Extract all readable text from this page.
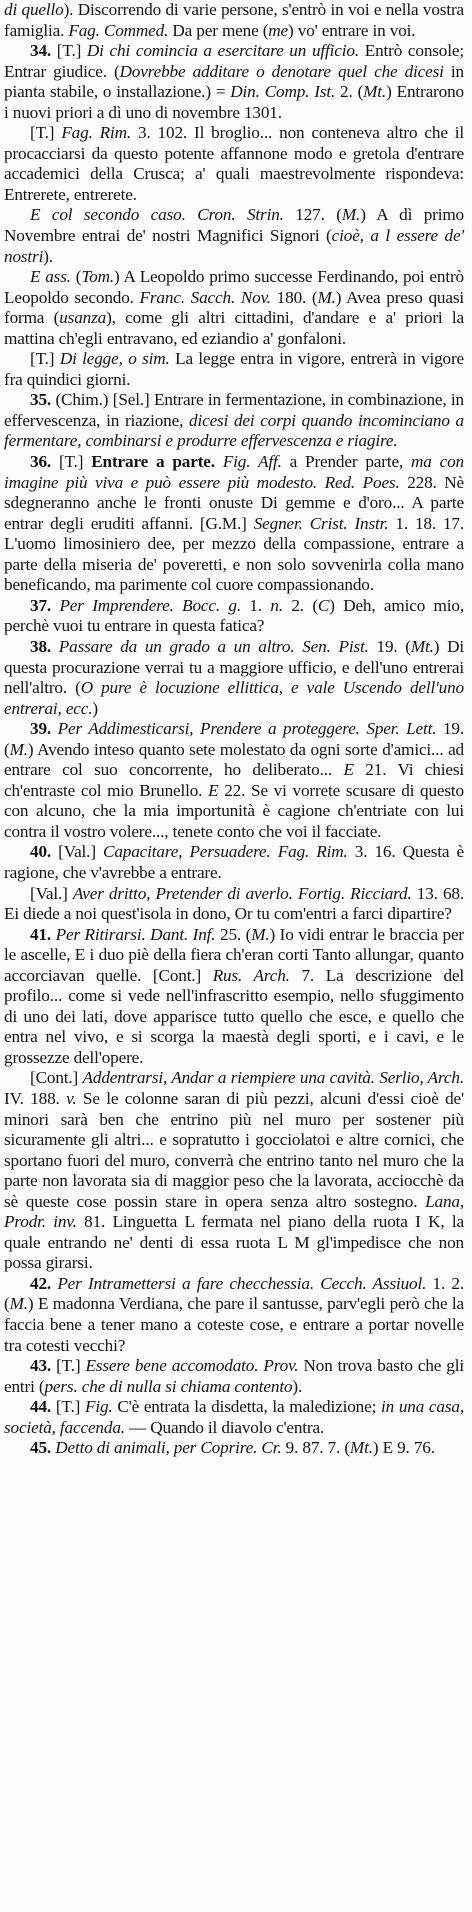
di quello). Discorrendo di varie persone, s'entrò in voi e nella vostra famiglia. Fag. Commed. Da per mene (me) vo' entrare in voi.

34. [T.] Di chi comincia a esercitare un ufficio. Entrò console; Entrar giudice. (Dovrebbe additare o denotare quel che dicesi in pianta stabile, o installazione.) = Din. Comp. Ist. 2. (Mt.) Entrarono i nuovi priori a dì uno di novembre 1301.

[T.] Fag. Rim. 3. 102. Il broglio... non conteneva altro che il procacciarsi da questo potente affannone modo e gretola d'entrare accademici della Crusca; a' quali maestrevolmente rispondeva: Entrerete, entrerete.

E col secondo caso. Cron. Strin. 127. (M.) A dì primo Novembre entrai de' nostri Magnifici Signori (cioè, a l essere de' nostri).

E ass. (Tom.) A Leopoldo primo successe Ferdinando, poi entrò Leopoldo secondo. Franc. Sacch. Nov. 180. (M.) Avea preso quasi forma (usanza), come gli altri cittadini, d'andare e a' priori la mattina ch'egli entravano, ed eziandio a' gonfaloni.

[T.] Di legge, o sim. La legge entra in vigore, entrerà in vigore fra quindici giorni.

35. (Chim.) [Sel.] Entrare in fermentazione, in combinazione, in effervescenza, in riazione, dicesi dei corpi quando incominciano a fermentare, combinarsi e produrre effervescenza e riagire.

36. [T.] Entrare a parte. Fig. Aff. a Prender parte, ma con imagine più viva e può essere più modesto. Red. Poes. 228. Nè sdegneranno anche le fronti onuste Di gemme e d'oro... A parte entrar degli eruditi affanni. [G.M.] Segner. Crist. Instr. 1. 18. 17. L'uomo limosiniero dee, per mezzo della compassione, entrare a parte della miseria de' poveretti, e non solo sovvenirla colla mano beneficando, ma parimente col cuore compassionando.

37. Per Imprendere. Bocc. g. 1. n. 2. (C) Deh, amico mio, perchè vuoi tu entrare in questa fatica?

38. Passare da un grado a un altro. Sen. Pist. 19. (Mt.) Di questa procurazione verrai tu a maggiore ufficio, e dell'uno entrerai nell'altro. (O pure è locuzione ellittica, e vale Uscendo dell'uno entrerai, ecc.)

39. Per Addimesticarsi, Prendere a proteggere. Sper. Lett. 19. (M.) Avendo inteso quanto sete molestato da ogni sorte d'amici... ad entrare col suo concorrente, ho deliberato... E 21. Vi chiesi ch'entraste col mio Brunello. E 22. Se vi vorrete scusare di questo con alcuno, che la mia importunità è cagione ch'entriate con lui contra il vostro volere..., tenete conto che voi il facciate.

40. [Val.] Capacitare, Persuadere. Fag. Rim. 3. 16. Questa è ragione, che v'avrebbe a entrare.

[Val.] Aver dritto, Pretender di averlo. Fortig. Ricciard. 13. 68. Ei diede a noi quest'isola in dono, Or tu com'entri a farci dipartire?

41. Per Ritirarsi. Dant. Inf. 25. (M.) Io vidi entrar le braccia per le ascelle, E i duo piè della fiera ch'eran corti Tanto allungar, quanto accorciavan quelle. [Cont.] Rus. Arch. 7. La descrizione del profilo... come si vede nell'infrascritto esempio, nello sfuggimento di uno dei lati, dove apparisce tutto quello che esce, e quello che entra nel vivo, e si scorga la maestà degli sporti, e i cavi, e le grossezze dell'opere.

[Cont.] Addentrarsi, Andar a riempiere una cavità. Serlio, Arch. IV. 188. v. Se le colonne saran di più pezzi, alcuni d'essi cioè de' minori sarà ben che entrino più nel muro per sostener più sicuramente gli altri... e sopratutto i gocciolatoi e altre cornici, che sportano fuori del muro, converrà che entrino tanto nel muro che la parte non lavorata sia di maggior peso che la lavorata, acciocchè da sè queste cose possin stare in opera senza altro sostegno. Lana, Prodr. inv. 81. Linguetta L fermata nel piano della ruota I K, la quale entrando ne' denti di essa ruota L M gl'impedisce che non possa girarsi.

42. Per Intramettersi a fare checchessia. Cecch. Assiuol. 1. 2. (M.) E madonna Verdiana, che pare il santusse, parv'egli però che la faccia bene a tener mano a coteste cose, e entrare a portar novelle tra cotesti vecchi?

43. [T.] Essere bene accomodato. Prov. Non trova basto che gli entri (pers. che di nulla si chiama contento).

44. [T.] Fig. C'è entrata la disdetta, la maledizione; in una casa, società, faccenda. — Quando il diavolo c'entra.

45. Detto di animali, per Coprire. Cr. 9. 87. 7. (Mt.) E 9. 76.
